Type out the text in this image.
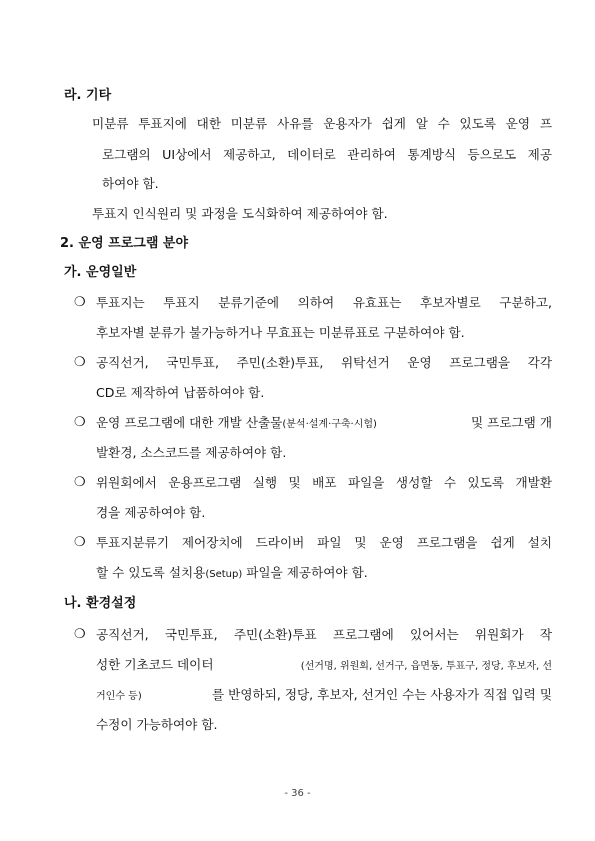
라. 기타
미분류 투표지에 대한 미분류 사유를 운용자가 쉽게 알 수 있도록 운영 프
로그램의 UI상에서 제공하고, 데이터로 관리하여 통계방식 등으로도 제공
하여야 함.
투표지 인식원리 및 과정을 도식화하여 제공하여야 함.
2. 운영 프로그램 분야
가. 운영일반
❍ 투표지는 투표지 분류기준에 의하여 유효표는 후보자별로 구분하고,
후보자별 분류가 불가능하거나 무효표는 미분류표로 구분하여야 함.
❍ 공직선거, 국민투표, 주민(소환)투표, 위탁선거 운영 프로그램을 각각
CD로 제작하여 납품하여야 함.
❍ 운영 프로그램에 대한 개발 산출물(분석·설계·구축·시험)	및 프로그램 개
발환경, 소스코드를 제공하여야 함.
❍ 위원회에서 운용프로그램 실행 및 배포 파일을 생성할 수 있도록 개발환
경을 제공하여야 함.
❍ 투표지분류기 제어장치에 드라이버 파일 및 운영 프로그램을 쉽게 설치
할 수 있도록 설치용(Setup) 파일을 제공하여야 함.
나. 환경설정
❍ 공직선거, 국민투표, 주민(소환)투표 프로그램에 있어서는 위원회가 작
성한 기초코드 데이터	(선거명, 위원회, 선거구, 읍면동, 투표구, 정당, 후보자, 선
거인수 등)	를 반영하되, 정당, 후보자, 선거인 수는 사용자가 직접 입력 및
수정이 가능하여야 함.
- 36 -
